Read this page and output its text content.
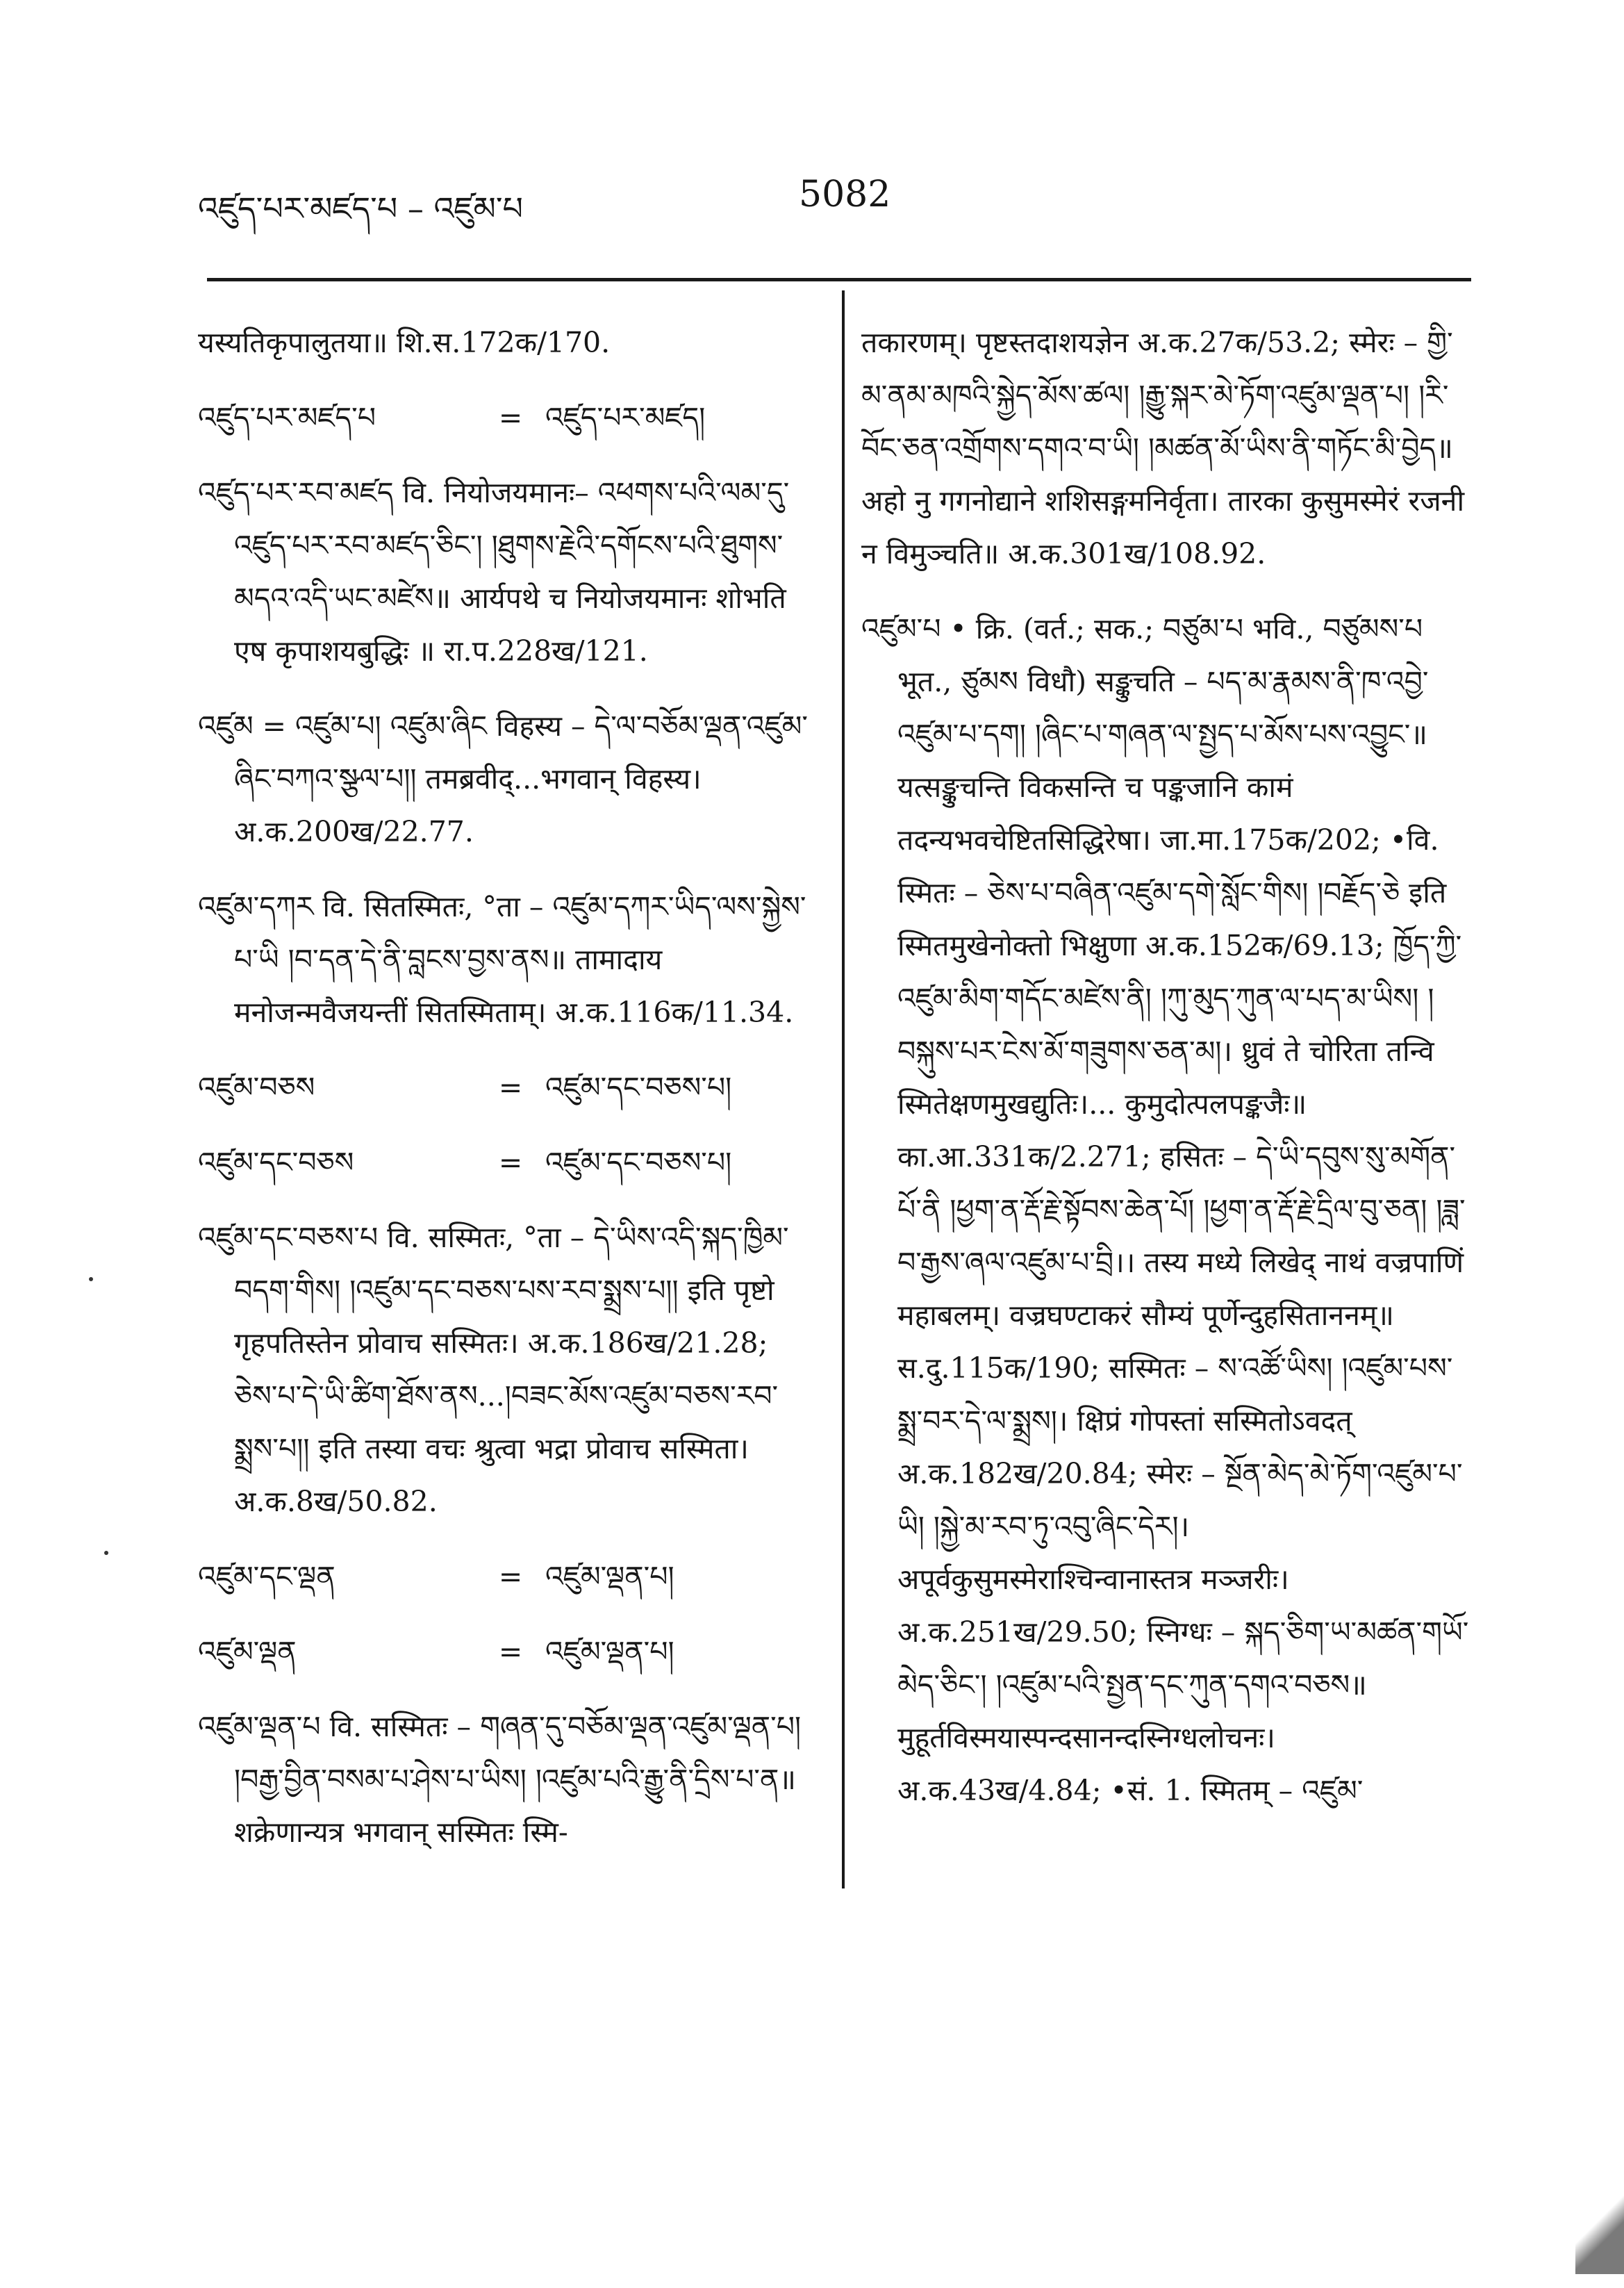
འཛུད་པར་མཛད་པ – འཛུམ་པ	5082

यस्यतिकृपालुतया॥ शि.स.172क/170.

འཛུད་པར་མཛད་པ	= འཛུད་པར་མཛད།

འཛུད་པར་རབ་མཛད वि. नियोजयमानः– འཕགས་པའི་ལམ་དུ་འཛུད་པར་རབ་མཛད་ཅིང་། །ཐུགས་རྗེའི་དགོངས་པའི་ཐུགས་མདའ་འདི་ཡང་མཛེས॥ आर्यपथे च नियोजयमानः शोभति एष कृपाशयबुद्धिः ॥ रा.प.228ख/121.

འཛུམ = འཛུམ་པ། འཛུམ་ཞིང विहस्य – དེ་ལ་བཅོམ་ལྡན་འཛུམ་ཞིང་བཀའ་སྩལ་པ།། तमब्रवीद्...भगवान् विहस्य। अ.क.200ख/22.77.

འཛུམ་དཀར वि. सितस्मितः, °ता – འཛུམ་དཀར་ཡིད་ལས་སྐྱེས་པ་ཡི །བ་དན་དེ་ནི་བླངས་བྱས་ནས॥ तामादाय मनोजन्मवैजयन्तीं सितस्मिताम्। अ.क.116क/11.34.

འཛུམ་བཅས	= འཛུམ་དང་བཅས་པ།
འཛུམ་དང་བཅས	= འཛུམ་དང་བཅས་པ།

འཛུམ་དང་བཅས་པ वि. सस्मितः, °ता – དེ་ཡིས་འདི་སྐད་ཁྱིམ་བདག་གིས། །འཛུམ་དང་བཅས་པས་རབ་སྨྲས་པ།། इति पृष्टो गृहपतिस्तेन प्रोवाच सस्मितः। अ.क.186ख/21.28; ཅེས་པ་དེ་ཡི་ཚིག་ཐོས་ནས...།བཟང་མོས་འཛུམ་བཅས་རབ་སྨྲས་པ།། इति तस्या वचः श्रुत्वा भद्रा प्रोवाच सस्मिता। अ.क.8ख/50.82.

འཛུམ་དང་ལྡན	= འཛུམ་ལྡན་པ།
འཛུམ་ལྡན	= འཛུམ་ལྡན་པ།

འཛུམ་ལྡན་པ वि. सस्मितः – གཞན་དུ་བཅོམ་ལྡན་འཛུམ་ལྡན་པ། །བརྒྱ་བྱིན་བསམ་པ་ཤེས་པ་ཡིས། །འཛུམ་པའི་རྒྱུ་ནི་དྲིས་པ་ན॥ शक्रेणान्यत्र भगवान् सस्मितः स्मि-

तकारणम्। पृष्टस्तदाशयज्ञेन अ.क.27क/53.2; स्मेरः – གྱི་མ་ནམ་མཁའི་སྐྱེད་མོས་ཚལ། །རྒྱུ་སྐར་མེ་ཏོག་འཛུམ་ལྡན་པ། །རི་བོང་ཅན་འགྲོགས་དགའ་བ་ཡི། །མཚན་མོ་ཡིས་ནི་གཏོང་མི་བྱེད॥ अहो नु गगनोद्याने शशिसङ्गमनिर्वृता। तारका कुसुमस्मेरं रजनी न विमुञ्चति॥ अ.क.301ख/108.92.

འཛུམ་པ • क्रि. (वर्त.; सक.; བཙུམ་པ भवि., བཙུམས་པ भूत., ཙུམས विधौ) सङ्कुचति – པད་མ་རྣམས་ནི་ཁ་འབྱེ་འཛུམ་པ་དག། །ཞིང་པ་གཞན་ལ་སྤྱད་པ་མོས་པས་འབྱུང་॥ यत्सङ्कुचन्ति विकसन्ति च पङ्कजानि कामं तदन्यभवचेष्टितसिद्धिरेषा। जा.मा.175क/202; •वि. स्मितः – ཅེས་པ་བཞིན་འཛུམ་དགེ་སློང་གིས། །བརྗོད་ཅེ इति स्मितमुखेनोक्तो भिक्षुणा अ.क.152क/69.13; ཁྱོད་ཀྱི་འཛུམ་མིག་གདོང་མཛེས་ནི། །ཀུ་མུད་ཀུན་ལ་པད་མ་ཡིས། །བསྐུས་པར་ངེས་མོ་གཟུགས་ཅན་མ།। ध्रुवं ते चोरिता तन्वि स्मितेक्षणमुखद्युतिः।... कुमुदोत्पलपङ्कजैः॥ का.आ.331क/2.271; हसितः – དེ་ཡི་དབུས་སུ་མགོན་པོ་ནི །ཕྱག་ན་རྡོ་རྗེ་སྟོབས་ཆེན་པོ། །ཕྱག་ན་རྡོ་རྗེ་དྲིལ་བུ་ཅན། །ཟླ་བ་རྒྱས་ཞལ་འཛུམ་པ་བྲི।। तस्य मध्ये लिखेद् नाथं वज्रपाणिं महाबलम्। वज्रघण्टाकरं सौम्यं पूर्णेन्दुहसिताननम्॥ स.दु.115क/190; सस्मितः – ས་འཚོ་ཡིས། །འཛུམ་པས་སྨྲ་བར་དེ་ལ་སྨྲས།। क्षिप्रं गोपस्तां सस्मितोऽवदत् अ.क.182ख/20.84; स्मेरः – སྔོན་མེད་མེ་ཏོག་འཛུམ་པ་ཡི། །སྐྱེ་མ་རབ་ཏུ་འབུ་ཞིང་དེར།। अपूर्वकुसुमस्मेराश्चिन्वानास्तत्र मञ्जरीः। अ.क.251ख/29.50; स्निग्धः – སྐད་ཅིག་ཡ་མཚན་གཡོ་མེད་ཅིང་། །འཛུམ་པའི་སྤྱན་དང་ཀུན་དགའ་བཅས॥ मुहूर्तविस्मयास्पन्दसानन्दस्निग्धलोचनः। अ.क.43ख/4.84; •सं. 1. स्मितम् – འཛུམ་
